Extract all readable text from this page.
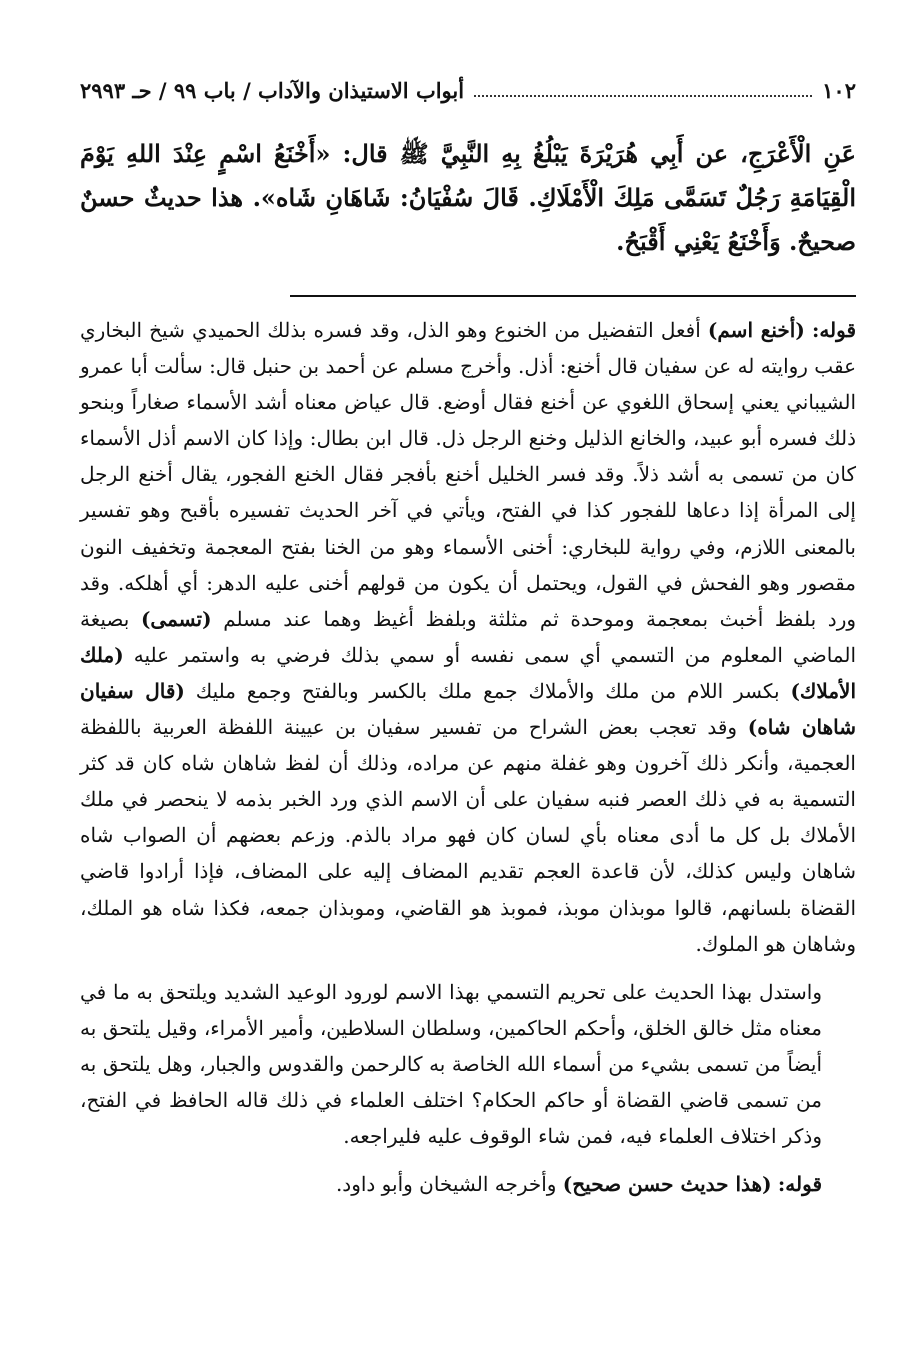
١٠٢
أبواب الاستيذان والآداب / باب ٩٩ / حـ ٢٩٩٣
عَنِ الْأَعْرَجِ، عن أَبِي هُرَيْرَةَ يَبْلُغُ بِهِ النَّبِيَّ ﷺ قال: «أَخْنَعُ اسْمٍ عِنْدَ اللهِ يَوْمَ الْقِيَامَةِ رَجُلٌ تَسَمَّى مَلِكَ الْأَمْلَاكِ. قَالَ سُفْيَانُ: شَاهَانِ شَاه». هذا حديثٌ حسنٌ صحيحٌ. وَأَخْنَعُ يَعْنِي أَقْبَحُ.

قوله: (أخنع اسم) أفعل التفضيل من الخنوع وهو الذل، وقد فسره بذلك الحميدي شيخ البخاري عقب روايته له عن سفيان قال أخنع: أذل. وأخرج مسلم عن أحمد بن حنبل قال: سألت أبا عمرو الشيباني يعني إسحاق اللغوي عن أخنع فقال أوضع. قال عياض معناه أشد الأسماء صغاراً وبنحو ذلك فسره أبو عبيد، والخانع الذليل وخنع الرجل ذل. قال ابن بطال: وإذا كان الاسم أذل الأسماء كان من تسمى به أشد ذلاً. وقد فسر الخليل أخنع بأفجر فقال الخنع الفجور، يقال أخنع الرجل إلى المرأة إذا دعاها للفجور كذا في الفتح، ويأتي في آخر الحديث تفسيره بأقبح وهو تفسير بالمعنى اللازم، وفي رواية للبخاري: أخنى الأسماء وهو من الخنا بفتح المعجمة وتخفيف النون مقصور وهو الفحش في القول، ويحتمل أن يكون من قولهم أخنى عليه الدهر: أي أهلكه. وقد ورد بلفظ أخبث بمعجمة وموحدة ثم مثلثة وبلفظ أغيظ وهما عند مسلم (تسمى) بصيغة الماضي المعلوم من التسمي أي سمى نفسه أو سمي بذلك فرضي به واستمر عليه (ملك الأملاك) بكسر اللام من ملك والأملاك جمع ملك بالكسر وبالفتح وجمع مليك (قال سفيان شاهان شاه) وقد تعجب بعض الشراح من تفسير سفيان بن عيينة اللفظة العربية باللفظة العجمية، وأنكر ذلك آخرون وهو غفلة منهم عن مراده، وذلك أن لفظ شاهان شاه كان قد كثر التسمية به في ذلك العصر فنبه سفيان على أن الاسم الذي ورد الخبر بذمه لا ينحصر في ملك الأملاك بل كل ما أدى معناه بأي لسان كان فهو مراد بالذم. وزعم بعضهم أن الصواب شاه شاهان وليس كذلك، لأن قاعدة العجم تقديم المضاف إليه على المضاف، فإذا أرادوا قاضي القضاة بلسانهم، قالوا موبذان موبذ، فموبذ هو القاضي، وموبذان جمعه، فكذا شاه هو الملك، وشاهان هو الملوك.

واستدل بهذا الحديث على تحريم التسمي بهذا الاسم لورود الوعيد الشديد ويلتحق به ما في معناه مثل خالق الخلق، وأحكم الحاكمين، وسلطان السلاطين، وأمير الأمراء، وقيل يلتحق به أيضاً من تسمى بشيء من أسماء الله الخاصة به كالرحمن والقدوس والجبار، وهل يلتحق به من تسمى قاضي القضاة أو حاكم الحكام؟ اختلف العلماء في ذلك قاله الحافظ في الفتح، وذكر اختلاف العلماء فيه، فمن شاء الوقوف عليه فليراجعه.

قوله: (هذا حديث حسن صحيح) وأخرجه الشيخان وأبو داود.
